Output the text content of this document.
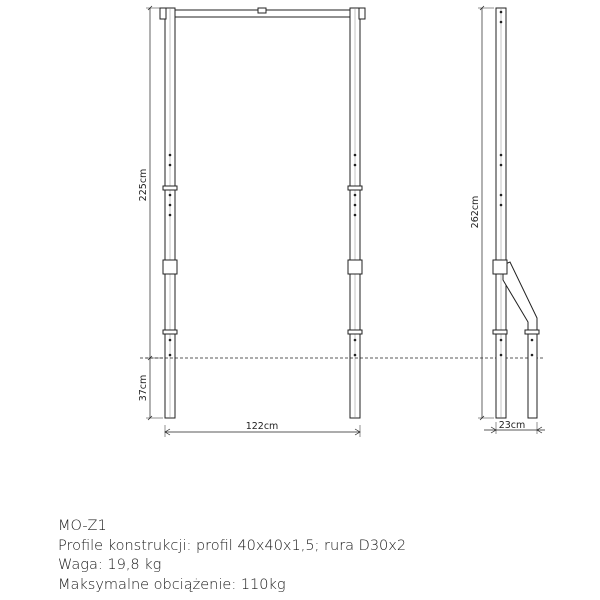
225cm
37cm
122cm
262cm
23cm
MO-Z1
Profile konstrukcji: profil 40x40x1,5; rura D30x2
Waga: 19,8 kg
Maksymalne obciążenie: 110kg
